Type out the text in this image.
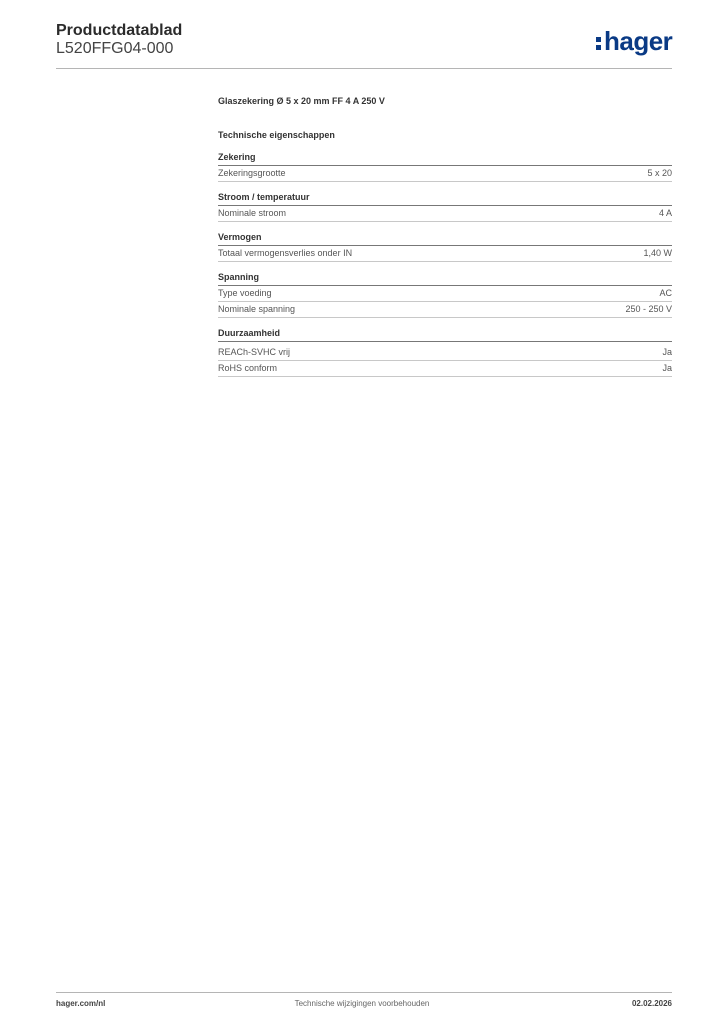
Productdatablad
L520FFG04-000	hager
Glaszekering Ø 5 x 20 mm FF 4 A 250 V
Technische eigenschappen
Zekering
Zekeringsgrootte	5 x 20
Stroom / temperatuur
Nominale stroom	4 A
Vermogen
Totaal vermogensverlies onder IN	1,40 W
Spanning
Type voeding	AC
Nominale spanning	250 - 250 V
Duurzaamheid
REACh-SVHC vrij	Ja
RoHS conform	Ja
hager.com/nl	Technische wijzigingen voorbehouden	02.02.2026
